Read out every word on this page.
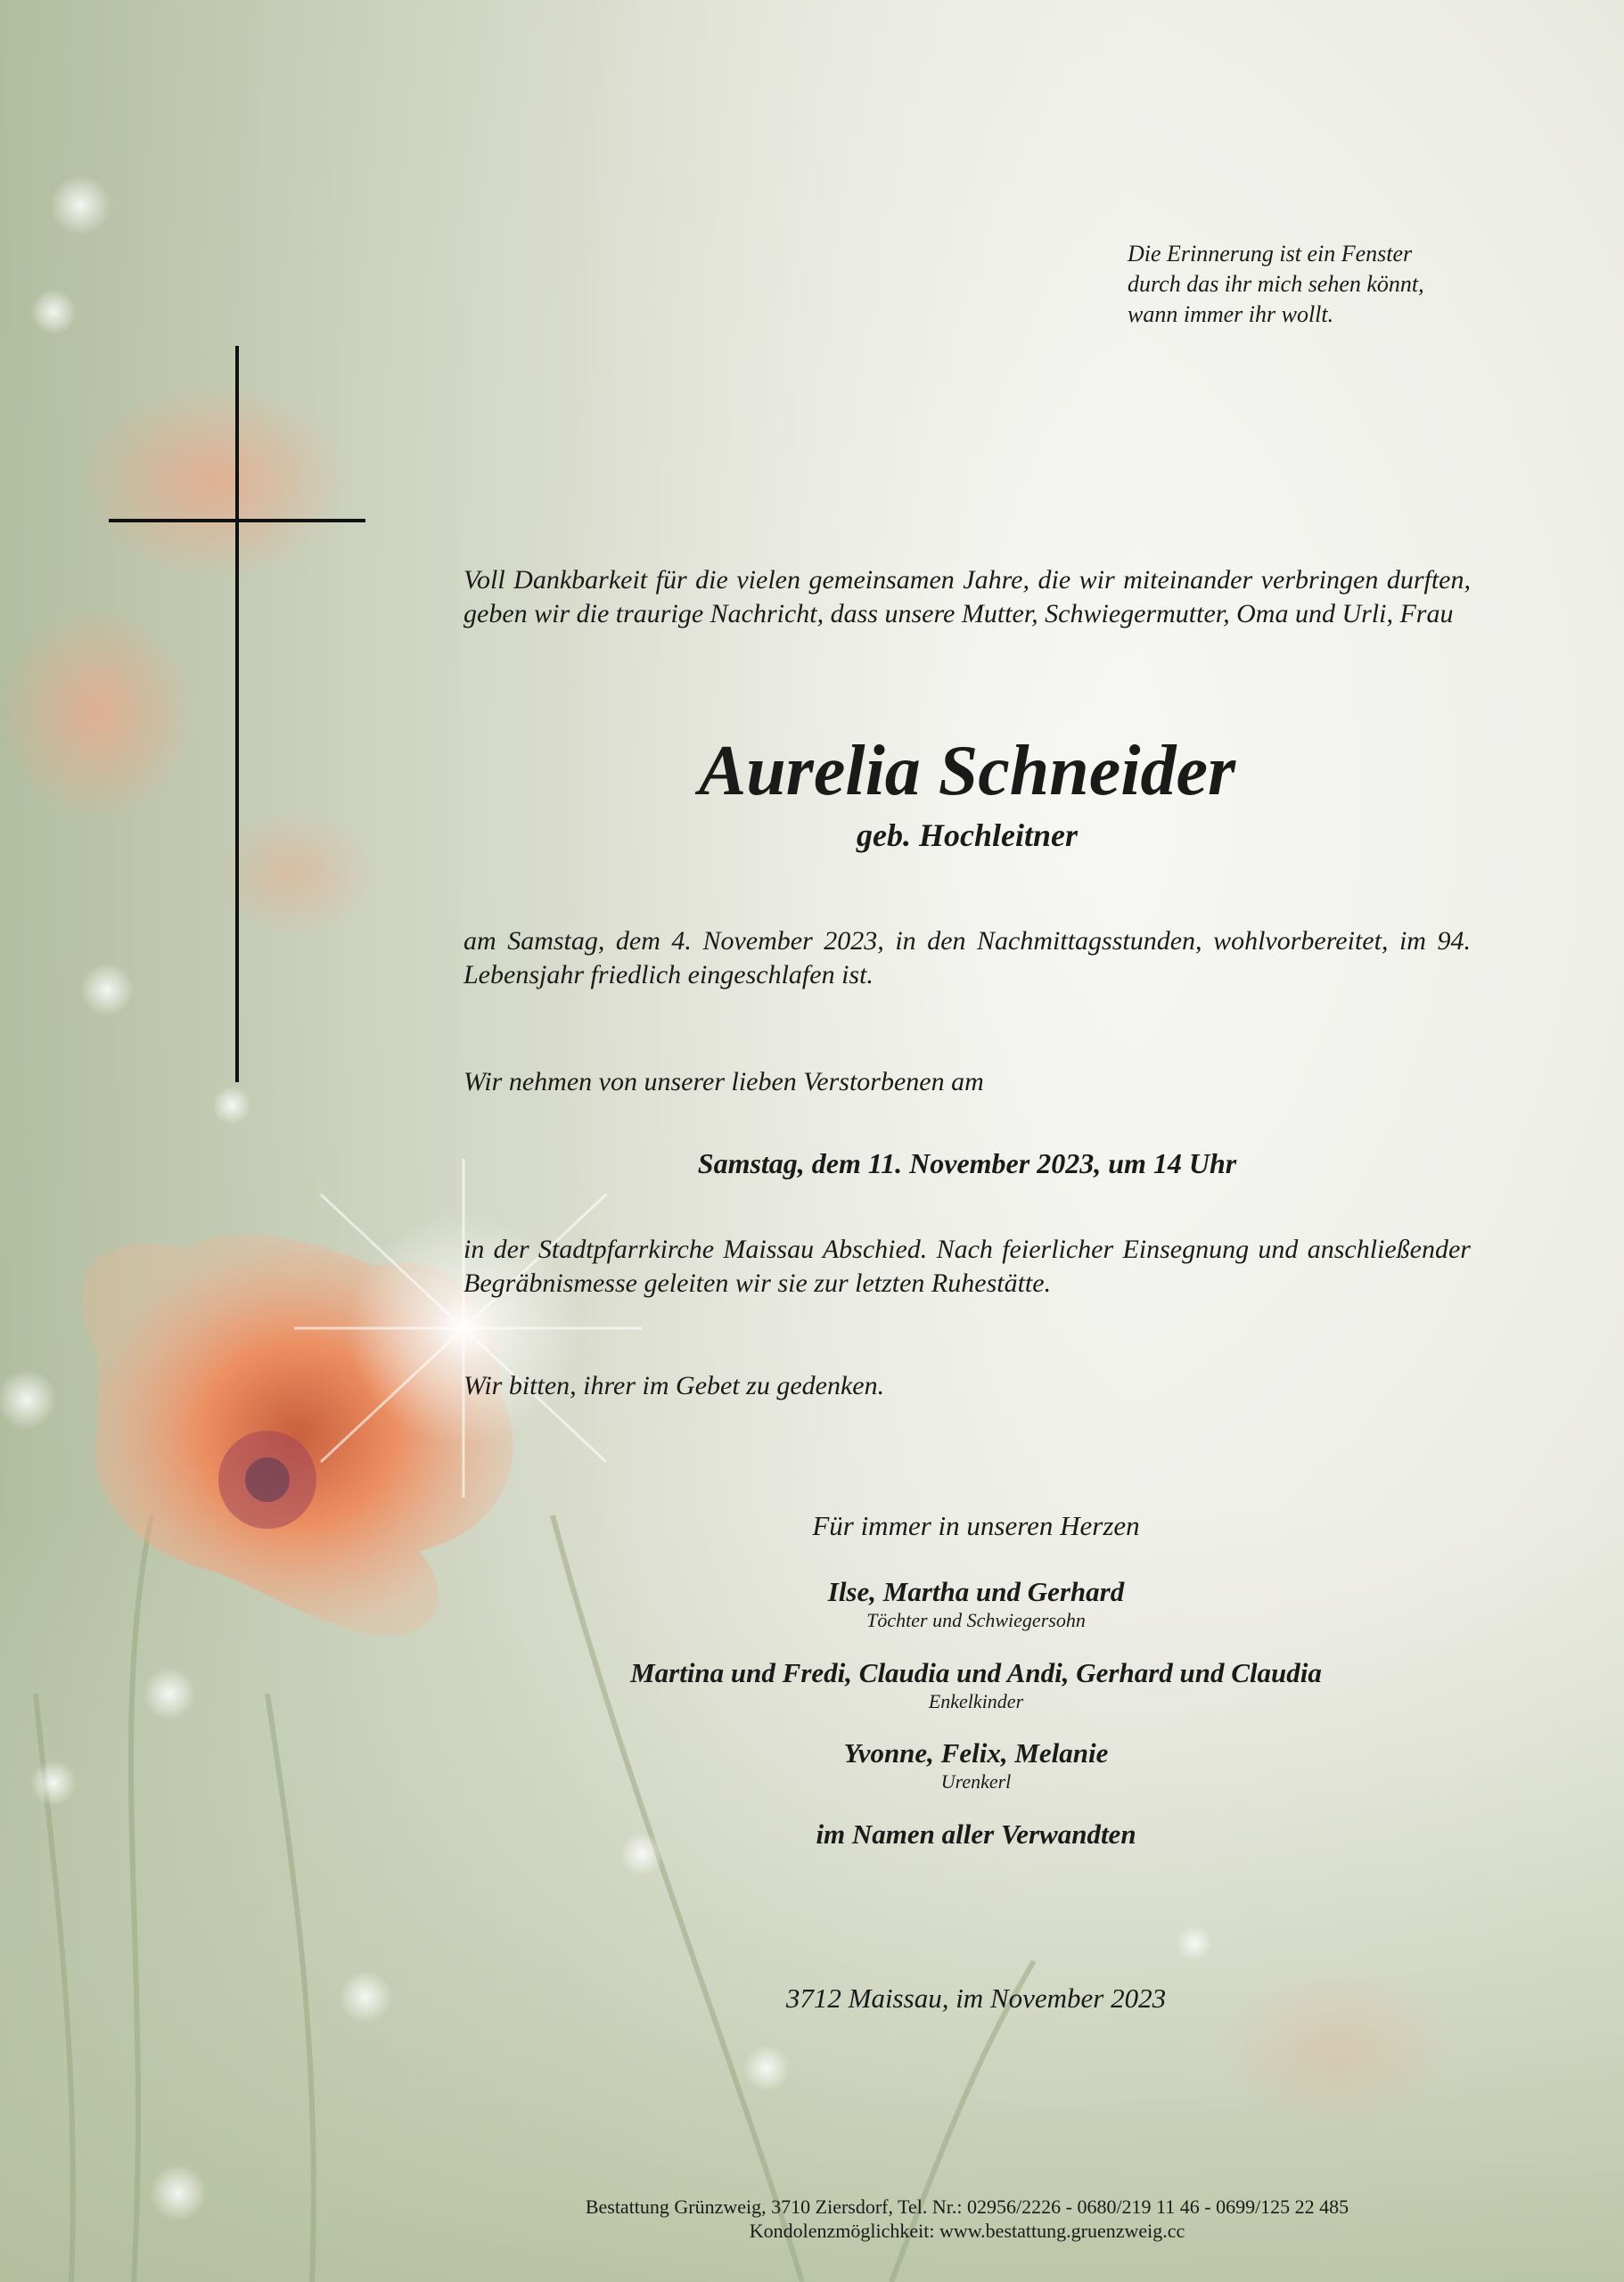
Die Erinnerung ist ein Fenster
durch das ihr mich sehen könnt,
wann immer ihr wollt.
Voll Dankbarkeit für die vielen gemeinsamen Jahre, die wir miteinander verbringen durften, geben wir die traurige Nachricht, dass unsere Mutter, Schwiegermutter, Oma und Urli, Frau
Aurelia Schneider
geb. Hochleitner
am Samstag, dem 4. November 2023, in den Nachmittagsstunden, wohlvorbereitet, im 94. Lebensjahr friedlich eingeschlafen ist.
Wir nehmen von unserer lieben Verstorbenen am
Samstag, dem 11. November 2023, um 14 Uhr
in der Stadtpfarrkirche Maissau Abschied. Nach feierlicher Einsegnung und anschließender Begräbnismesse geleiten wir sie zur letzten Ruhestätte.
Wir bitten, ihrer im Gebet zu gedenken.
Für immer in unseren Herzen
Ilse, Martha und Gerhard
Töchter und Schwiegersohn
Martina und Fredi, Claudia und Andi, Gerhard und Claudia
Enkelkinder
Yvonne, Felix, Melanie
Urenkerl
im Namen aller Verwandten
3712 Maissau, im November 2023
Bestattung Grünzweig, 3710 Ziersdorf, Tel. Nr.: 02956/2226 - 0680/219 11 46 - 0699/125 22 485
Kondolenzmöglichkeit: www.bestattung.gruenzweig.cc
